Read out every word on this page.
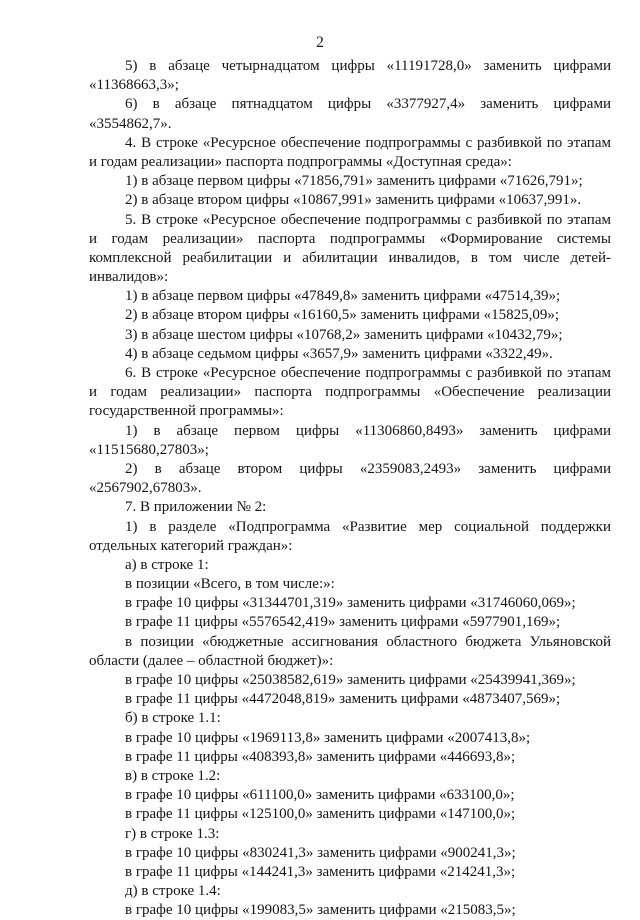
2
5) в абзаце четырнадцатом цифры «11191728,0» заменить цифрами
«11368663,3»;
6) в абзаце пятнадцатом цифры «3377927,4» заменить цифрами
«3554862,7».
4. В строке «Ресурсное обеспечение подпрограммы с разбивкой по этапам
и годам реализации» паспорта подпрограммы «Доступная среда»:
1) в абзаце первом цифры «71856,791» заменить цифрами «71626,791»;
2) в абзаце втором цифры «10867,991» заменить цифрами «10637,991».
5. В строке «Ресурсное обеспечение подпрограммы с разбивкой по этапам
и годам реализации» паспорта подпрограммы «Формирование системы
комплексной реабилитации и абилитации инвалидов, в том числе детей-
инвалидов»:
1) в абзаце первом цифры «47849,8» заменить цифрами «47514,39»;
2) в абзаце втором цифры «16160,5» заменить цифрами «15825,09»;
3) в абзаце шестом цифры «10768,2» заменить цифрами «10432,79»;
4) в абзаце седьмом цифры «3657,9» заменить цифрами «3322,49».
6. В строке «Ресурсное обеспечение подпрограммы с разбивкой по этапам
и годам реализации» паспорта подпрограммы «Обеспечение реализации
государственной программы»:
1) в абзаце первом цифры «11306860,8493» заменить цифрами
«11515680,27803»;
2) в абзаце втором цифры «2359083,2493» заменить цифрами
«2567902,67803».
7. В приложении № 2:
1) в разделе «Подпрограмма «Развитие мер социальной поддержки
отдельных категорий граждан»:
а) в строке 1:
в позиции «Всего, в том числе:»:
в графе 10 цифры «31344701,319» заменить цифрами «31746060,069»;
в графе 11 цифры «5576542,419» заменить цифрами «5977901,169»;
в позиции «бюджетные ассигнования областного бюджета Ульяновской
области (далее – областной бюджет)»:
в графе 10 цифры «25038582,619» заменить цифрами «25439941,369»;
в графе 11 цифры «4472048,819» заменить цифрами «4873407,569»;
б) в строке 1.1:
в графе 10 цифры «1969113,8» заменить цифрами «2007413,8»;
в графе 11 цифры «408393,8» заменить цифрами «446693,8»;
в) в строке 1.2:
в графе 10 цифры «611100,0» заменить цифрами «633100,0»;
в графе 11 цифры «125100,0» заменить цифрами «147100,0»;
г) в строке 1.3:
в графе 10 цифры «830241,3» заменить цифрами «900241,3»;
в графе 11 цифры «144241,3» заменить цифрами «214241,3»;
д) в строке 1.4:
в графе 10 цифры «199083,5» заменить цифрами «215083,5»;
